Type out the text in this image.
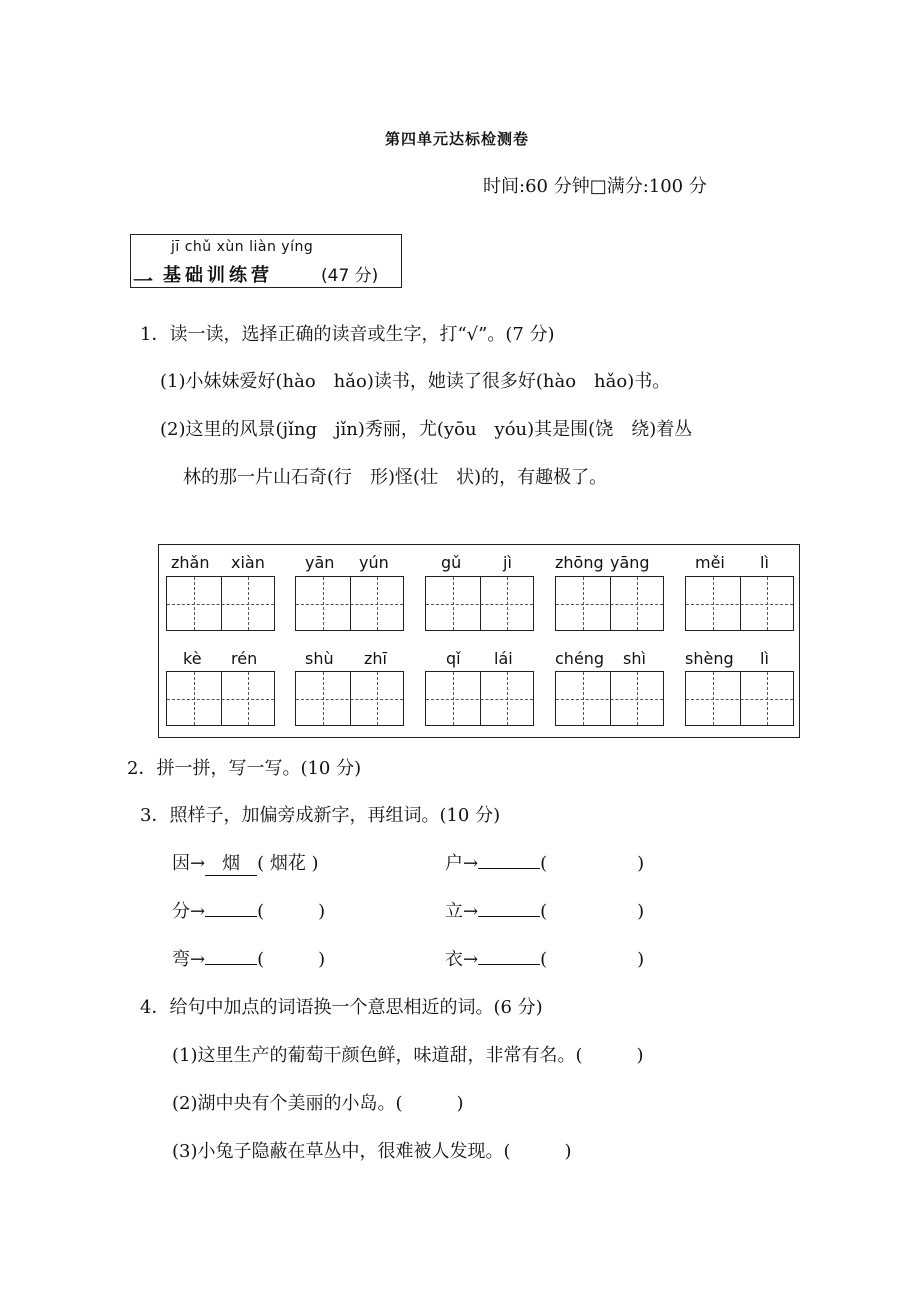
第四单元达标检测卷
时间:60 分钟□满分:100 分
jī chǔ xùn liàn yíng
一 基础训练营	(47 分)
1．读一读，选择正确的读音或生字，打“√”。(7 分)
(1)小妹妹爱好(hào　hǎo)读书，她读了很多好(hào　hǎo)书。
(2)这里的风景(jǐng　jǐn)秀丽，尤(yōu　yóu)其是围(饶　绕)着丛
林的那一片山石奇(行　形)怪(壮　状)的，有趣极了。
zhǎn xiàn	yān yún	gǔ	jì	zhōng yāng	měi lì
kè rén	shù zhī	qǐ lái	chéng shì shèng lì
2．拼一拼，写一写。(10 分)
3．照样子，加偏旁成新字，再组词。(10 分)
因→ 烟 ( 烟花 )	户→	(　　　　　)
分→	(　　　)	立→	(　　　　　)
弯→	(　　　)	衣→	(　　　　　)
4．给句中加点的词语换一个意思相近的词。(6 分)
(1)这里生产的葡萄干颜色鲜，味道甜，非常有名。(　　　)
(2)湖中央有个美丽的小岛。(　　　)
(3)小兔子隐蔽在草丛中，很难被人发现。(　　　)
